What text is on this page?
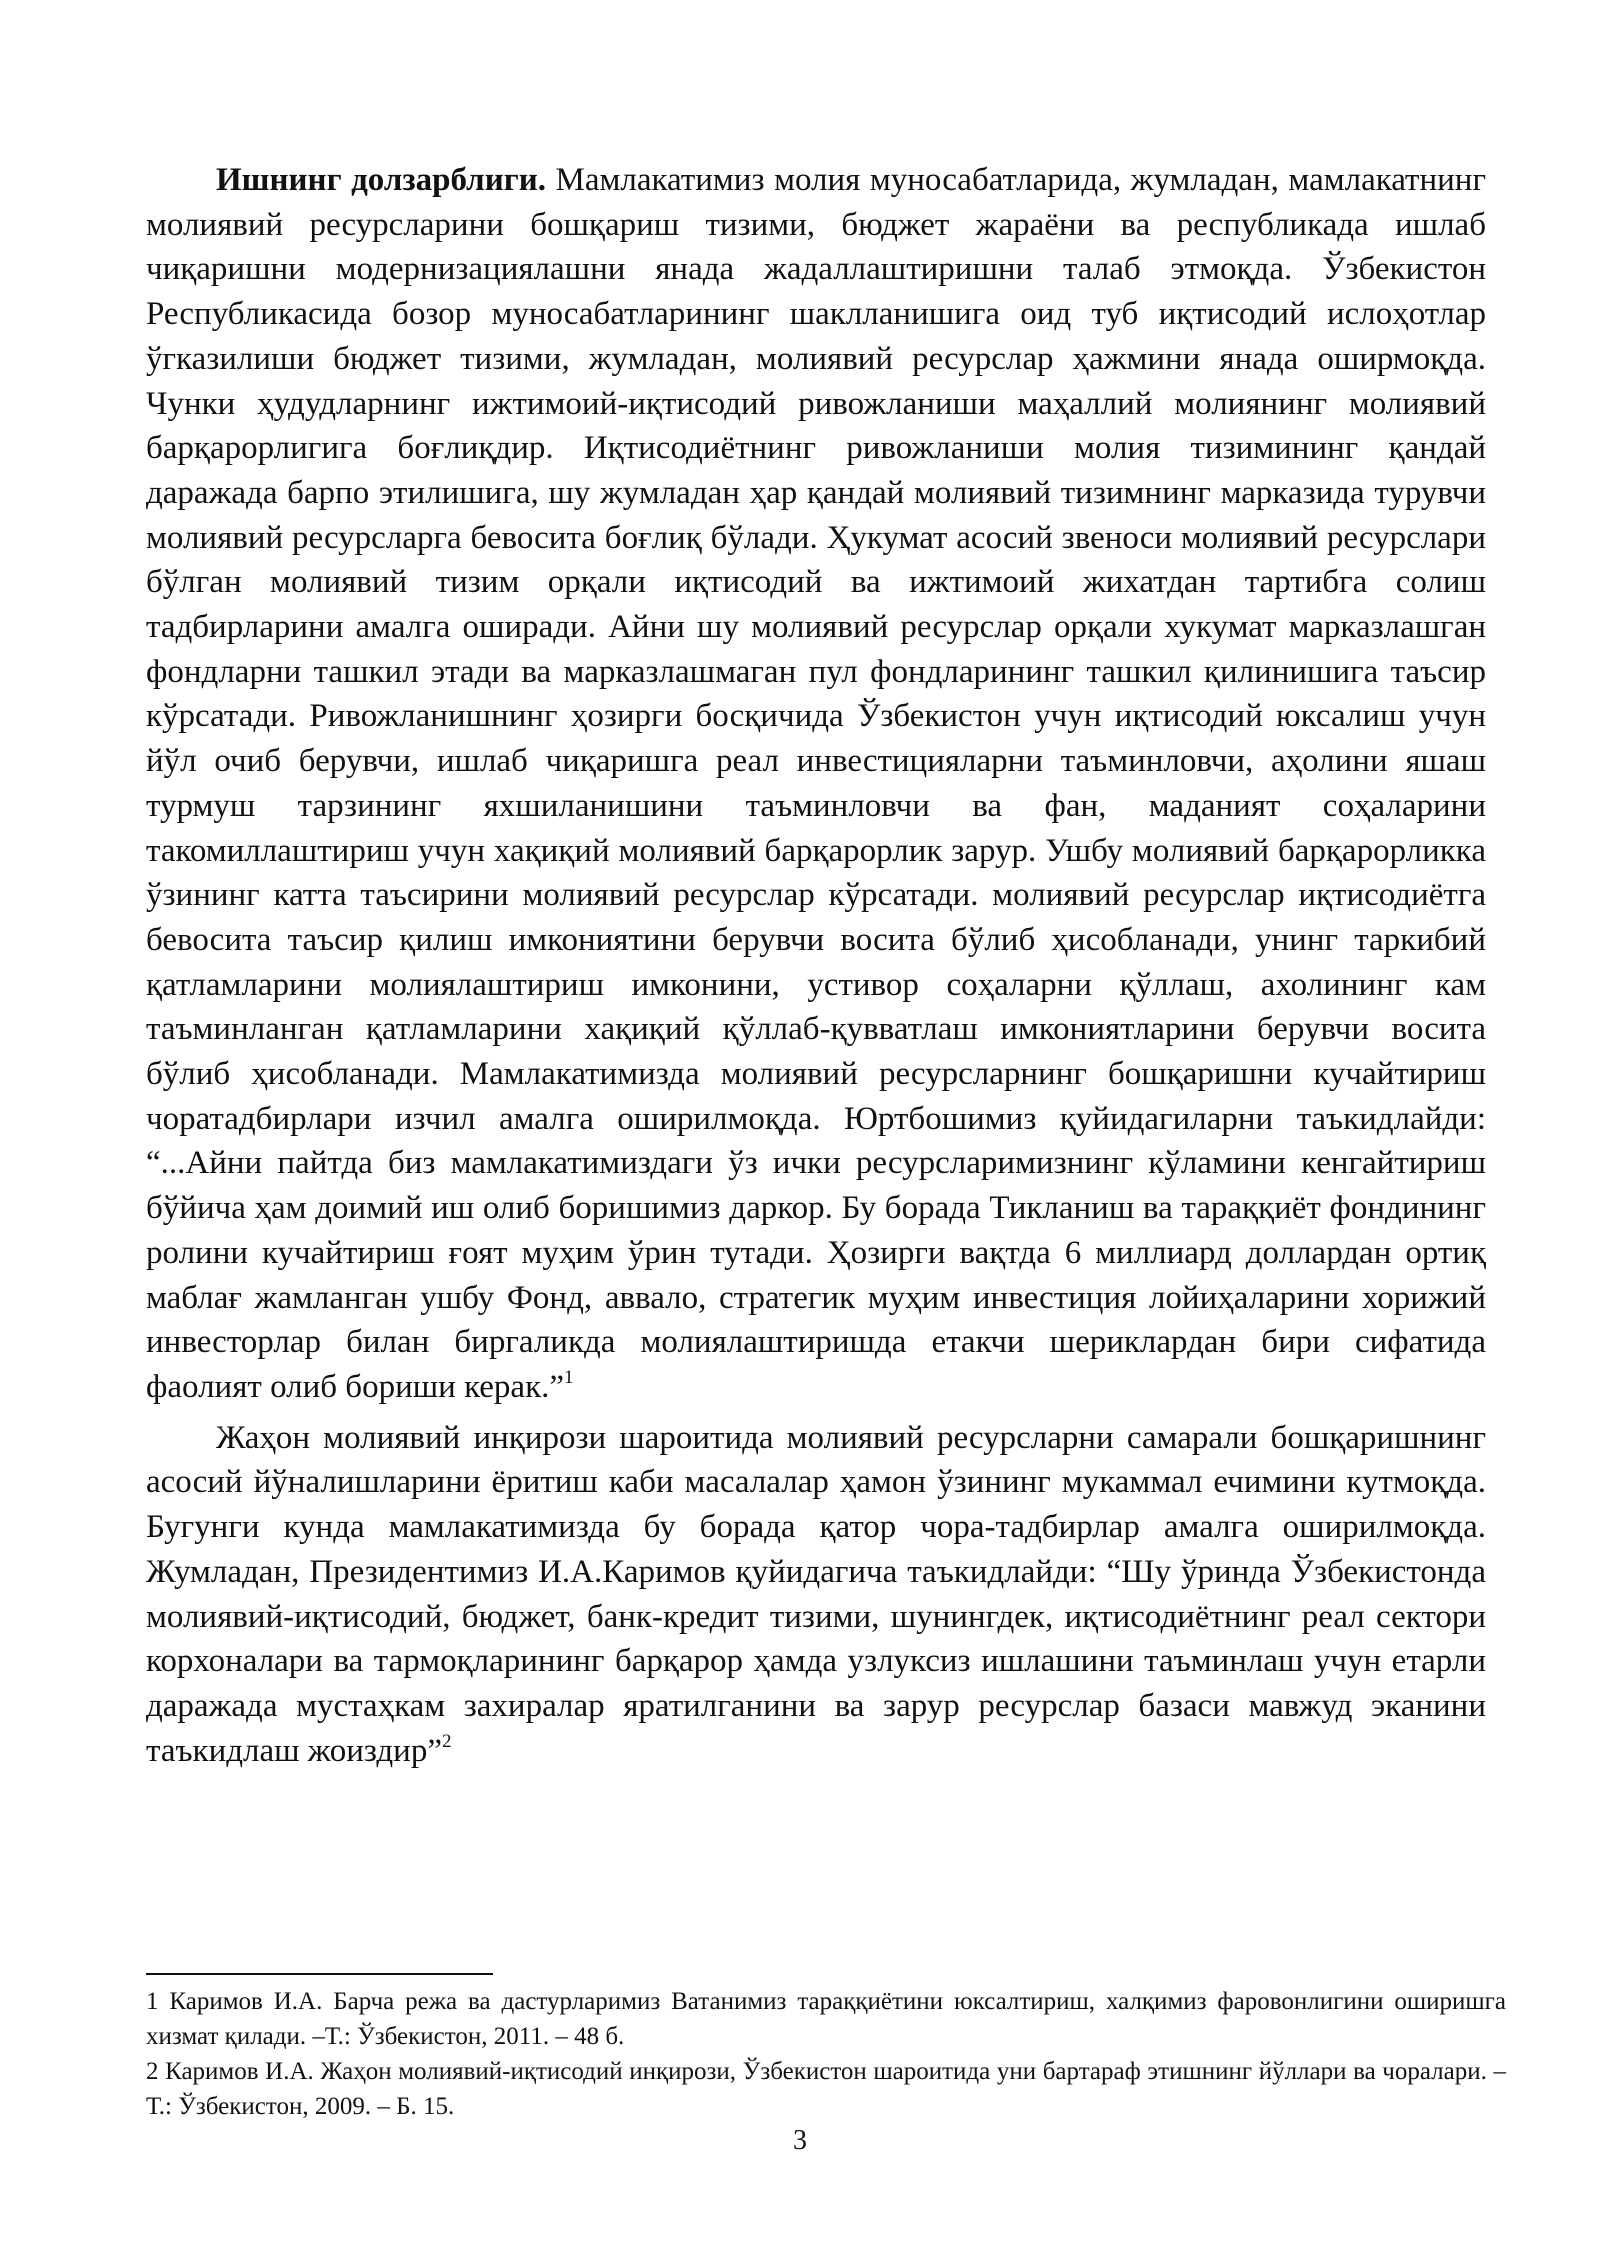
Ишнинг долзарблиги. Мамлакатимиз молия муносабатларида, жумладан, мамлакатнинг молиявий ресурсларини бошқариш тизими, бюджет жараёни ва республикада ишлаб чиқаришни модернизациялашни янада жадаллаштиришни талаб этмоқда. Ўзбекистон Республикасида бозор муносабатларининг шаклланишига оид туб иқтисодий ислоҳотлар ўгказилиши бюджет тизими, жумладан, молиявий ресурслар ҳажмини янада оширмоқда. Чунки ҳудудларнинг ижтимоий-иқтисодий ривожланиши маҳаллий молиянинг молиявий барқарорлигига боғлиқдир. Иқтисодиётнинг ривожланиши молия тизимининг қандай даражада барпо этилишига, шу жумладан ҳар қандай молиявий тизимнинг марказида турувчи молиявий ресурсларга бевосита боғлиқ бўлади. Ҳукумат асосий звеноси молиявий ресурслари бўлган молиявий тизим орқали иқтисодий ва ижтимоий жихатдан тартибга солиш тадбирларини амалга оширади. Айни шу молиявий ресурслар орқали хукумат марказлашган фондларни ташкил этади ва марказлашмаган пул фондларининг ташкил қилинишига таъсир кўрсатади. Ривожланишнинг ҳозирги босқичида Ўзбекистон учун иқтисодий юксалиш учун йўл очиб берувчи, ишлаб чиқаришга реал инвестицияларни таъминловчи, аҳолини яшаш турмуш тарзининг яхшиланишини таъминловчи ва фан, маданият соҳаларини такомиллаштириш учун хақиқий молиявий барқарорлик зарур. Ушбу молиявий барқарорликка ўзининг катта таъсирини молиявий ресурслар кўрсатади. молиявий ресурслар иқтисодиётга бевосита таъсир қилиш имкониятини берувчи восита бўлиб ҳисобланади, унинг таркибий қатламларини молиялаштириш имконини, устивор соҳаларни қўллаш, ахолининг кам таъминланган қатламларини хақиқий қўллаб-қувватлаш имкониятларини берувчи восита бўлиб ҳисобланади. Мамлакатимизда молиявий ресурсларнинг бошқаришни кучайтириш чоратадбирлари изчил амалга оширилмоқда. Юртбошимиз қуйидагиларни таъкидлайди: “...Айни пайтда биз мамлакатимиздаги ўз ички ресурсларимизнинг кўламини кенгайтириш бўйича ҳам доимий иш олиб боришимиз даркор. Бу борада Тикланиш ва тараққиёт фондининг ролини кучайтириш ғоят муҳим ўрин тутади. Ҳозирги вақтда 6 миллиард доллардан ортиқ маблағ жамланган ушбу Фонд, аввало, стратегик муҳим инвестиция лойиҳаларини хорижий инвесторлар билан биргаликда молиялаштиришда етакчи шериклардан бири сифатида фаолият олиб бориши керак.”$^1$

Жаҳон молиявий инқирози шароитида молиявий ресурсларни самарали бошқаришнинг асосий йўналишларини ёритиш каби масалалар ҳамон ўзининг мукаммал ечимини кутмоқда. Бугунги кунда мамлакатимизда бу борада қатор чора-тадбирлар амалга оширилмоқда. Жумладан, Президентимиз И.А.Каримов қуйидагича таъкидлайди: “Шу ўринда Ўзбекистонда молиявий-иқтисодий, бюджет, банк-кредит тизими, шунингдек, иқтисодиётнинг реал сектори корхоналари ва тармоқларининг барқарор ҳамда узлуксиз ишлашини таъминлаш учун етарли даражада мустаҳкам захиралар яратилганини ва зарур ресурслар базаси мавжуд эканини таъкидлаш жоиздир”$^2$

1 Каримов И.А. Барча режа ва дастурларимиз Ватанимиз тараққиётини юксалтириш, халқимиз фаровонлигини оширишга хизмат қилади. –Т.: Ўзбекистон, 2011. – 48 б.

2 Каримов И.А. Жаҳон молиявий-иқтисодий инқирози, Ўзбекистон шароитида уни бартараф этишнинг йўллари ва чоралари. – Т.: Ўзбекистон, 2009. – Б. 15.

3
